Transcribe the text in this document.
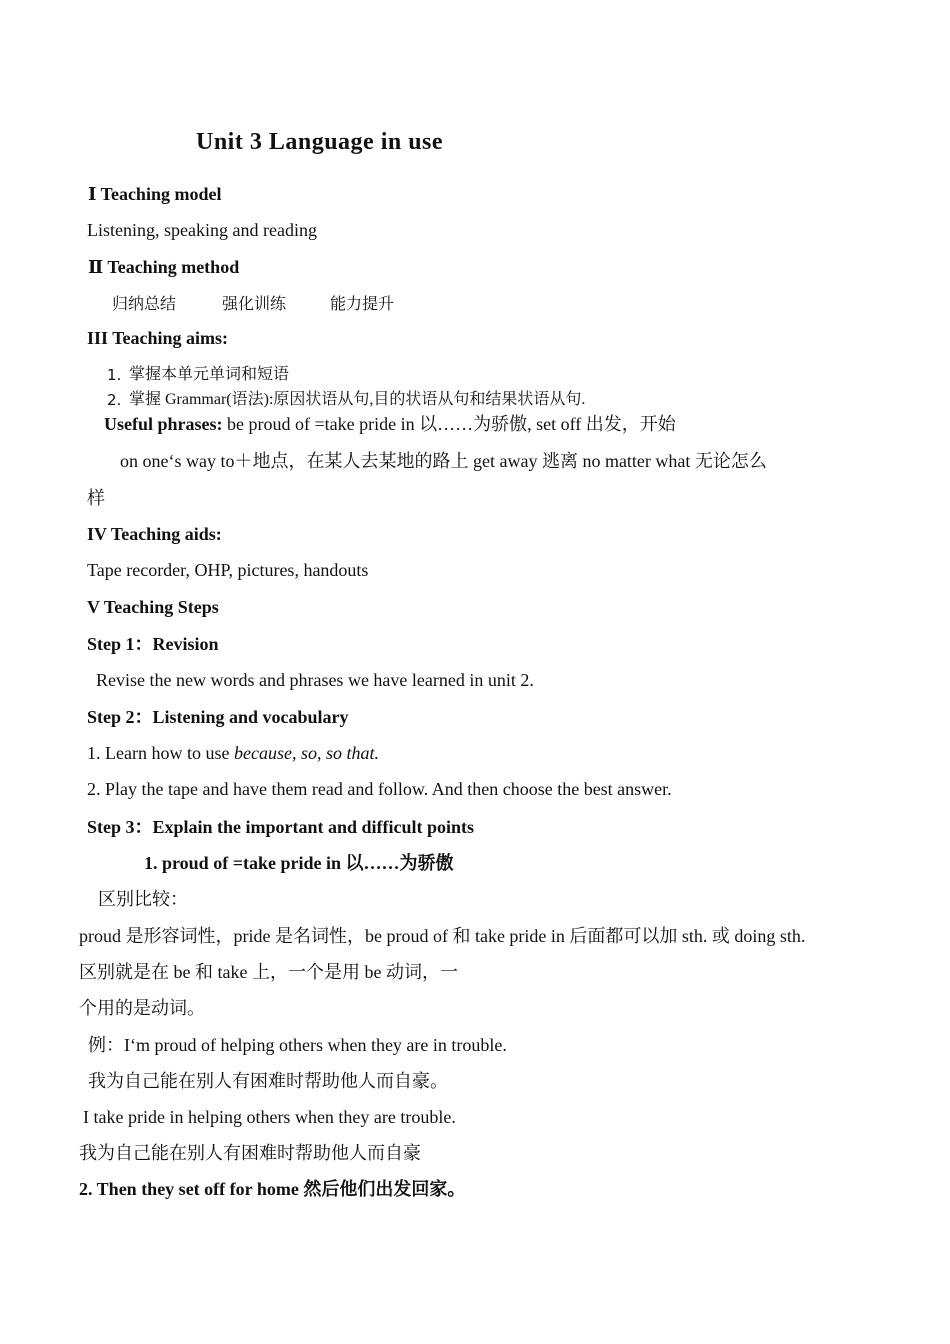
Unit 3 Language in use
Ⅰ Teaching model
Listening, speaking and reading
Ⅱ Teaching method
归纳总结	强化训练	能力提升
III Teaching aims:
1. 掌握本单元单词和短语
2. 掌握 Grammar(语法):原因状语从句,目的状语从句和结果状语从句.
Useful phrases: be proud of =take pride in 以……为骄傲, set off 出发，开始
on one‘s way to＋地点，在某人去某地的路上 get away 逃离 no matter what 无论怎么
样
IV Teaching aids:
Tape recorder, OHP, pictures, handouts
V Teaching Steps
Step 1：Revision
Revise the new words and phrases we have learned in unit 2.
Step 2：Listening and vocabulary
1. Learn how to use because, so, so that.
2. Play the tape and have them read and follow. And then choose the best answer.
Step 3：Explain the important and difficult points
1. proud of =take pride in 以……为骄傲
区别比较：
proud 是形容词性，pride 是名词性，be proud of 和 take pride in 后面都可以加 sth. 或 doing sth.
区别就是在 be 和 take 上，一个是用 be 动词，一
个用的是动词。
例：I‘m proud of helping others when they are in trouble.
我为自己能在别人有困难时帮助他人而自豪。
I take pride in helping others when they are trouble.
我为自己能在别人有困难时帮助他人而自豪
2. Then they set off for home 然后他们出发回家。
